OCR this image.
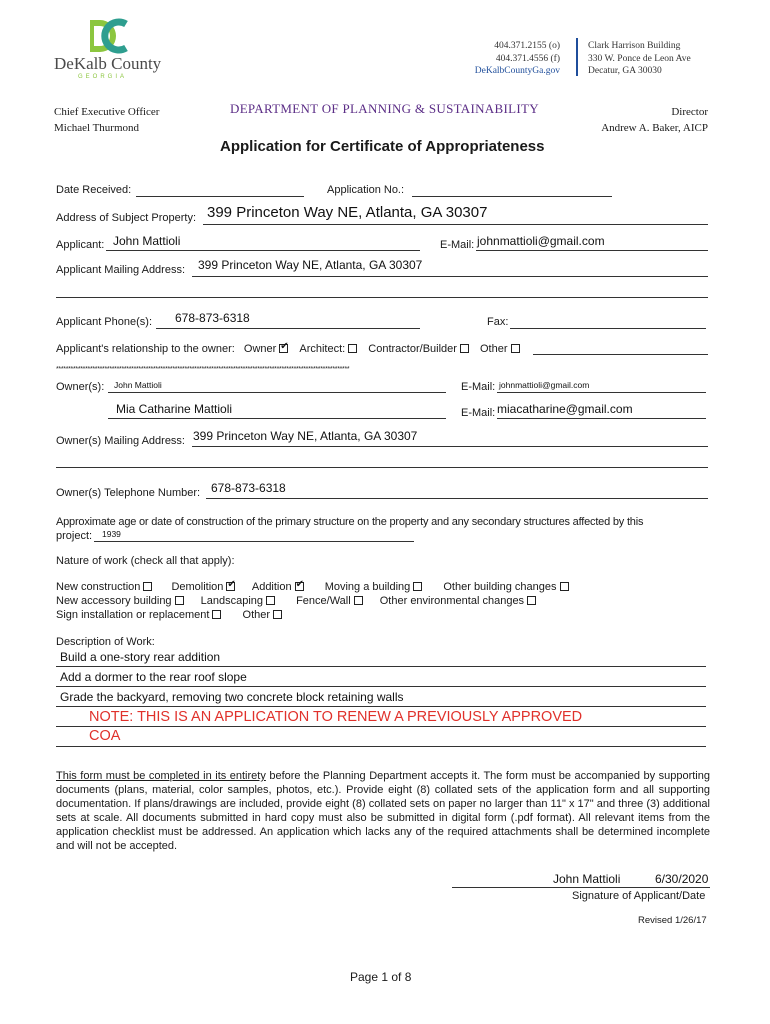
DeKalb County
GEORGIA
404.371.2155 (o)
404.371.4556 (f)
DeKalbCountyGa.gov
Clark Harrison Building
330 W. Ponce de Leon Ave
Decatur, GA 30030
Chief Executive Officer
Michael Thurmond
DEPARTMENT OF PLANNING & SUSTAINABILITY	Director
Andrew A. Baker, AICP
Application for Certificate of Appropriateness
Date Received:	Application No.:
Address of Subject Property: 399 Princeton Way NE, Atlanta, GA 30307
Applicant: John Mattioli	E-Mail: johnmattioli@gmail.com
Applicant Mailing Address: 399 Princeton Way NE, Atlanta, GA 30307
Applicant Phone(s): 678-873-6318	Fax:
Applicant's relationship to the owner: Owner ✔ Architect: Contractor/Builder Other
*************************************************************************************************************************
Owner(s): John Mattioli	E-Mail: johnmattioli@gmail.com
Mia Catharine Mattioli	E-Mail: miacatharine@gmail.com
Owner(s) Mailing Address: 399 Princeton Way NE, Atlanta, GA 30307
Owner(s) Telephone Number: 678-873-6318
Approximate age or date of construction of the primary structure on the property and any secondary structures affected by this
project: 1939
Nature of work (check all that apply):
New construction	Demolition ✔	Addition ✔	Moving a building	Other building changes
New accessory building	Landscaping	Fence/Wall	Other environmental changes
Sign installation or replacement	Other
Description of Work:
Build a one-story rear addition
Add a dormer to the rear roof slope
Grade the backyard, removing two concrete block retaining walls
NOTE: THIS IS AN APPLICATION TO RENEW A PREVIOUSLY APPROVED
COA
This form must be completed in its entirety before the Planning Department accepts it. The form must be accompanied by supporting documents (plans, material, color samples, photos, etc.). Provide eight (8) collated sets of the application form and all supporting documentation. If plans/drawings are included, provide eight (8) collated sets on paper no larger than 11" x 17" and three (3) additional sets at scale. All documents submitted in hard copy must also be submitted in digital form (.pdf format). All relevant items from the application checklist must be addressed. An application which lacks any of the required attachments shall be determined incomplete and will not be accepted.
John Mattioli	6/30/2020
Signature of Applicant/Date
Revised 1/26/17
Page 1 of 8
